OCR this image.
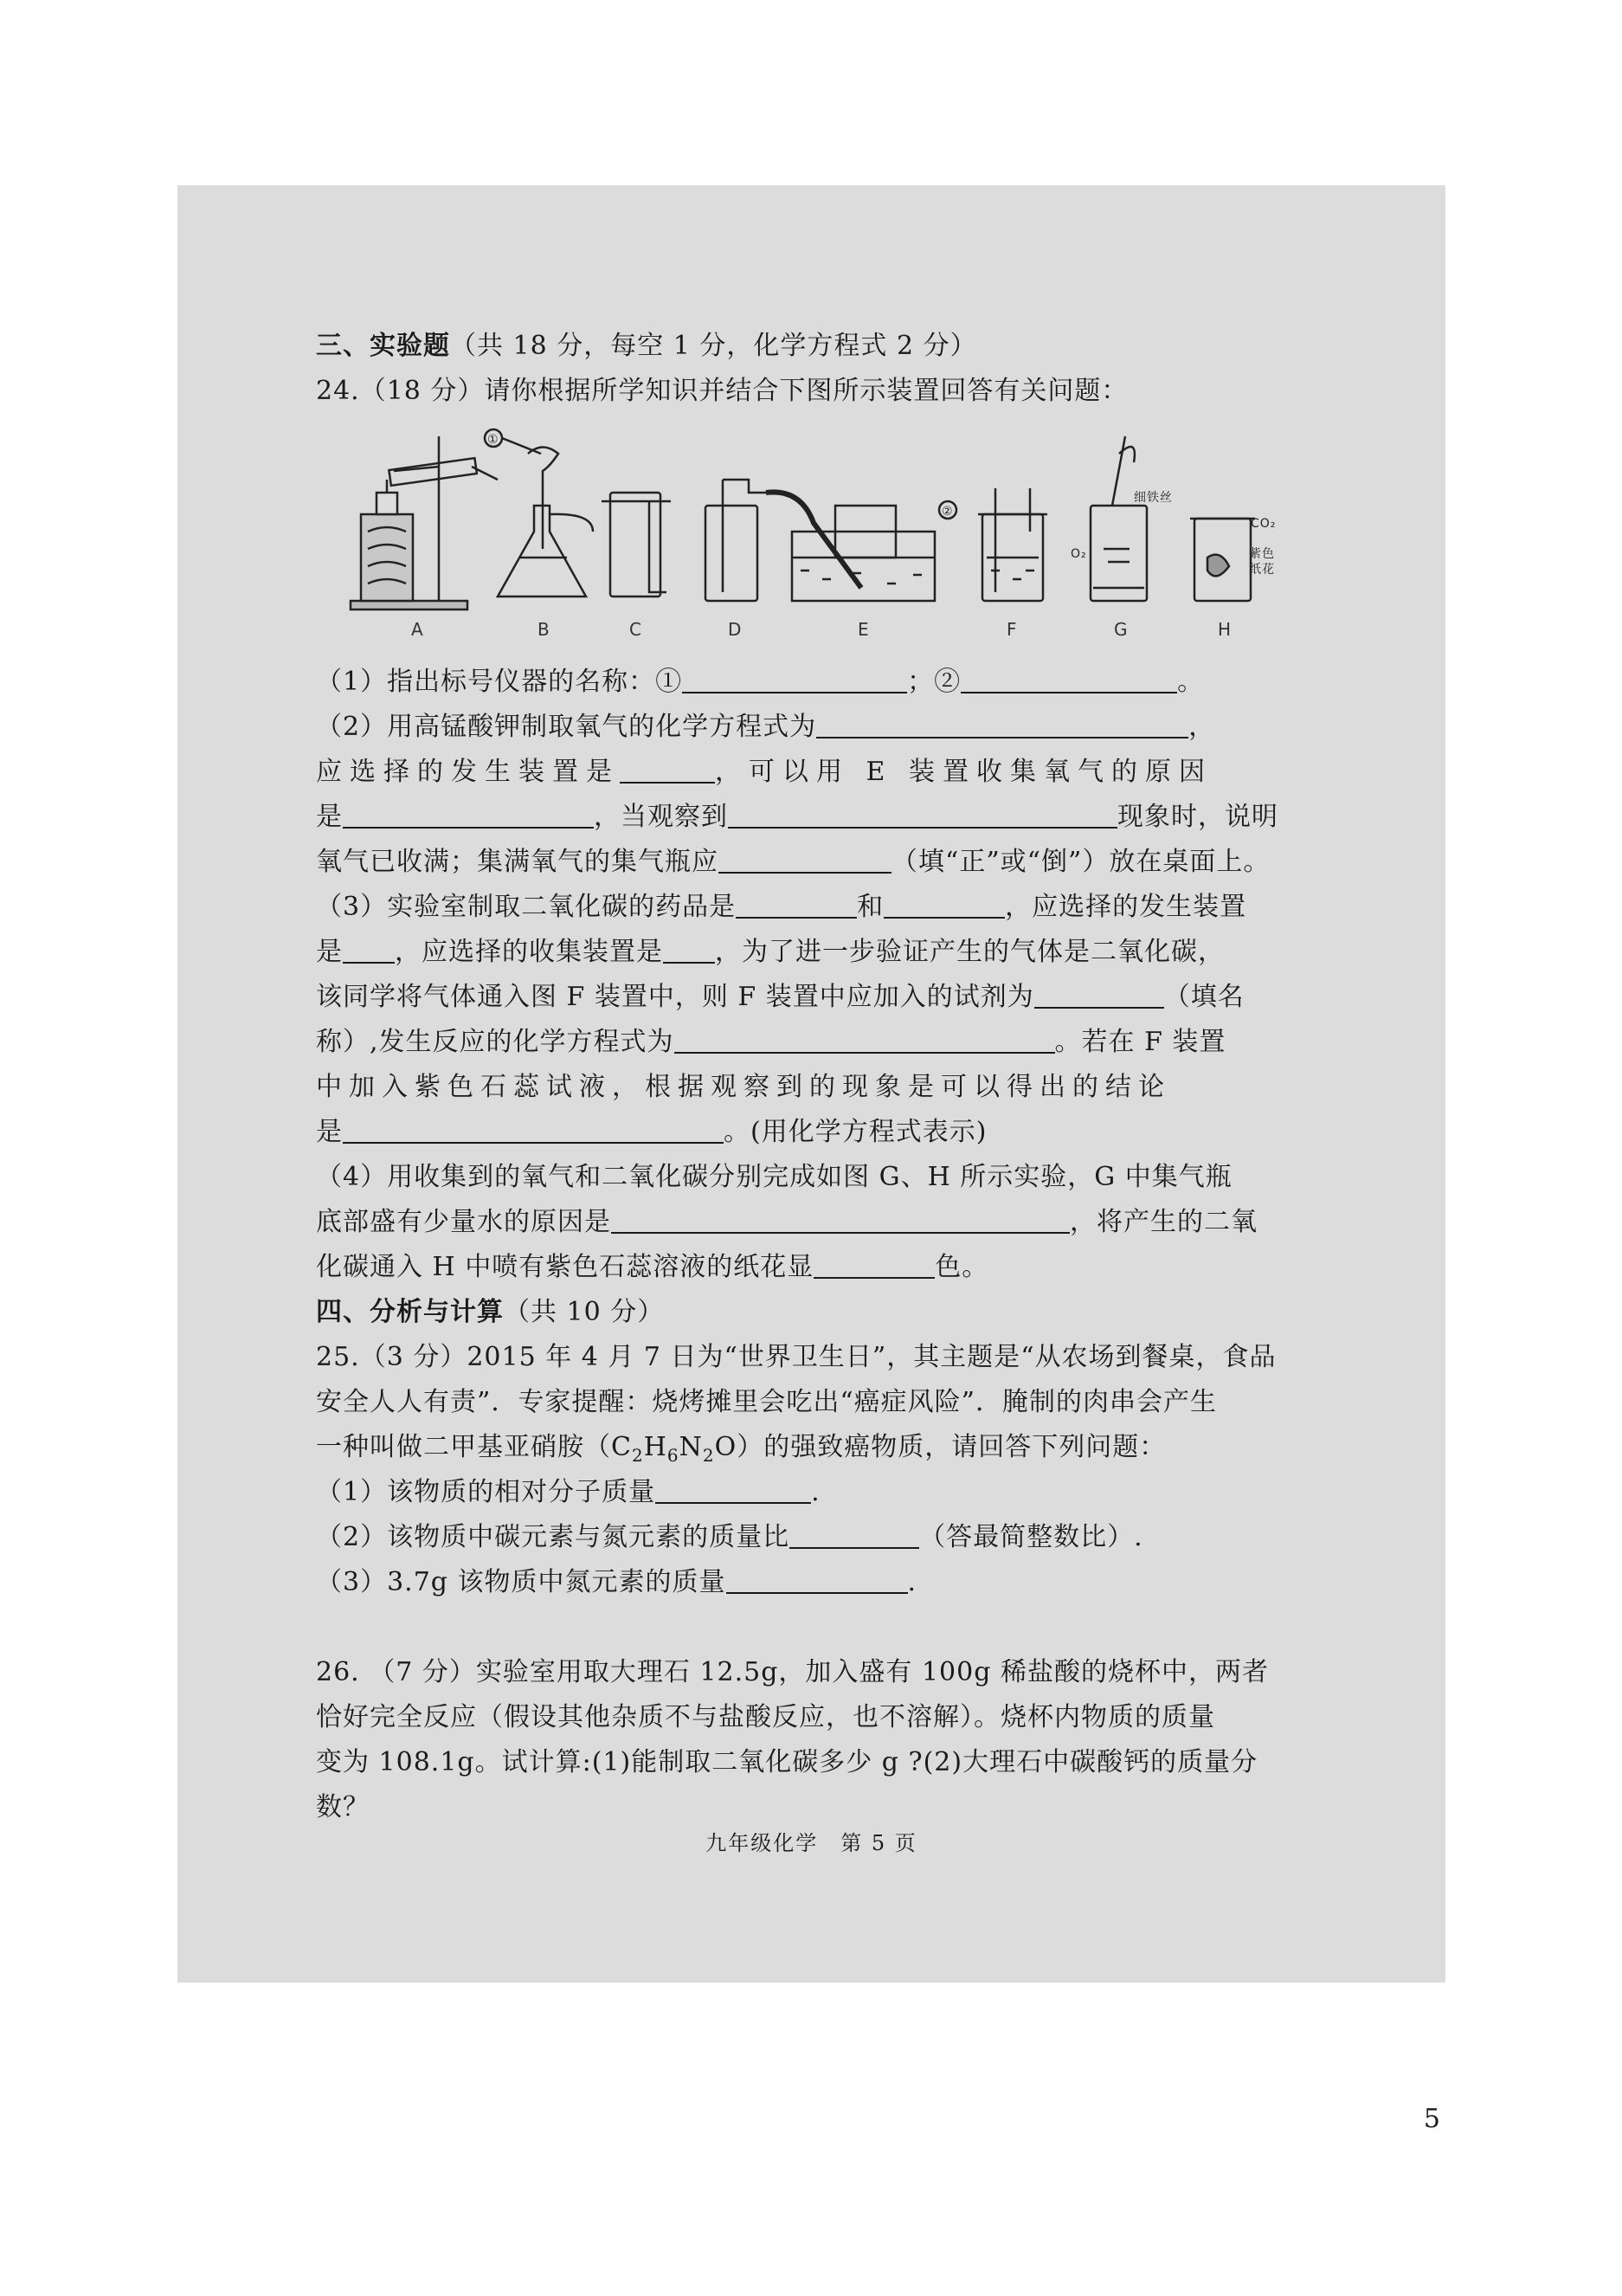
三、实验题（共 18 分，每空 1 分，化学方程式 2 分）
24.（18 分）请你根据所学知识并结合下图所示装置回答有关问题：
A	B	C	D	E	F	G	H
①
②
细铁丝
O₂
CO₂
紫色
纸花
（1）指出标号仪器的名称：①	；②	。
（2）用高锰酸钾制取氧气的化学方程式为	，
应选择的发生装置是	，可以用 E 装置收集氧气的原因
是	，当观察到	现象时，说明
氧气已收满；集满氧气的集气瓶应	（填“正”或“倒”）放在桌面上。
（3）实验室制取二氧化碳的药品是	和	，应选择的发生装置
是 ，应选择的收集装置是 ，为了进一步验证产生的气体是二氧化碳，
该同学将气体通入图 F 装置中，则 F 装置中应加入的试剂为	（填名
称）,发生反应的化学方程式为	。若在 F 装置
中加入紫色石蕊试液，根据观察到的现象是可以得出的结论
是	。(用化学方程式表示)
（4）用收集到的氧气和二氧化碳分别完成如图 G、H 所示实验，G 中集气瓶
底部盛有少量水的原因是	，将产生的二氧
化碳通入 H 中喷有紫色石蕊溶液的纸花显	色。
四、分析与计算（共 10 分）
25.（3 分）2015 年 4 月 7 日为“世界卫生日”，其主题是“从农场到餐桌，食品
安全人人有责”．专家提醒：烧烤摊里会吃出“癌症风险”．腌制的肉串会产生
一种叫做二甲基亚硝胺$(C_2H_6N_2O)$的强致癌物质，请回答下列问题：
（1）该物质的相对分子质量	.
（2）该物质中碳元素与氮元素的质量比	（答最简整数比）.
（3）3.7g 该物质中氮元素的质量	.
26. （7 分）实验室用取大理石 12.5g，加入盛有 100g 稀盐酸的烧杯中，两者
恰好完全反应（假设其他杂质不与盐酸反应，也不溶解）。烧杯内物质的质量
变为 108.1g。试计算:(1)能制取二氧化碳多少 g ?(2)大理石中碳酸钙的质量分
数？
九年级化学　第 5 页
5
